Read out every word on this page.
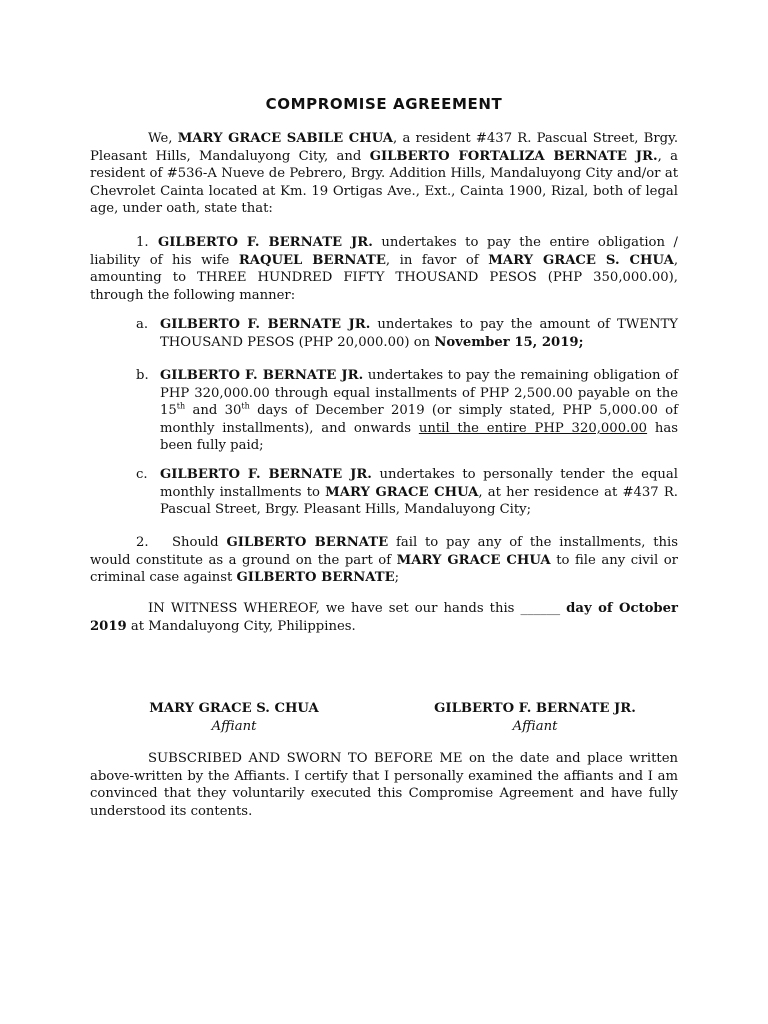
COMPROMISE AGREEMENT
We, MARY GRACE SABILE CHUA, a resident #437 R. Pascual Street, Brgy. Pleasant Hills, Mandaluyong City, and GILBERTO FORTALIZA BERNATE JR., a resident of #536-A Nueve de Pebrero, Brgy. Addition Hills, Mandaluyong City and/or at Chevrolet Cainta located at Km. 19 Ortigas Ave., Ext., Cainta 1900, Rizal, both of legal age, under oath, state that:
1. GILBERTO F. BERNATE JR. undertakes to pay the entire obligation / liability of his wife RAQUEL BERNATE, in favor of MARY GRACE S. CHUA, amounting to THREE HUNDRED FIFTY THOUSAND PESOS (PHP 350,000.00), through the following manner:
a. GILBERTO F. BERNATE JR. undertakes to pay the amount of TWENTY THOUSAND PESOS (PHP 20,000.00) on November 15, 2019;
b. GILBERTO F. BERNATE JR. undertakes to pay the remaining obligation of PHP 320,000.00 through equal installments of PHP 2,500.00 payable on the 15th and 30th days of December 2019 (or simply stated, PHP 5,000.00 of monthly installments), and onwards until the entire PHP 320,000.00 has been fully paid;
c. GILBERTO F. BERNATE JR. undertakes to personally tender the equal monthly installments to MARY GRACE CHUA, at her residence at #437 R. Pascual Street, Brgy. Pleasant Hills, Mandaluyong City;
2. Should GILBERTO BERNATE fail to pay any of the installments, this would constitute as a ground on the part of MARY GRACE CHUA to file any civil or criminal case against GILBERTO BERNATE;
IN WITNESS WHEREOF, we have set our hands this ______ day of October 2019 at Mandaluyong City, Philippines.
MARY GRACE S. CHUA
Affiant
GILBERTO F. BERNATE JR.
Affiant
SUBSCRIBED AND SWORN TO BEFORE ME on the date and place written above-written by the Affiants. I certify that I personally examined the affiants and I am convinced that they voluntarily executed this Compromise Agreement and have fully understood its contents.
